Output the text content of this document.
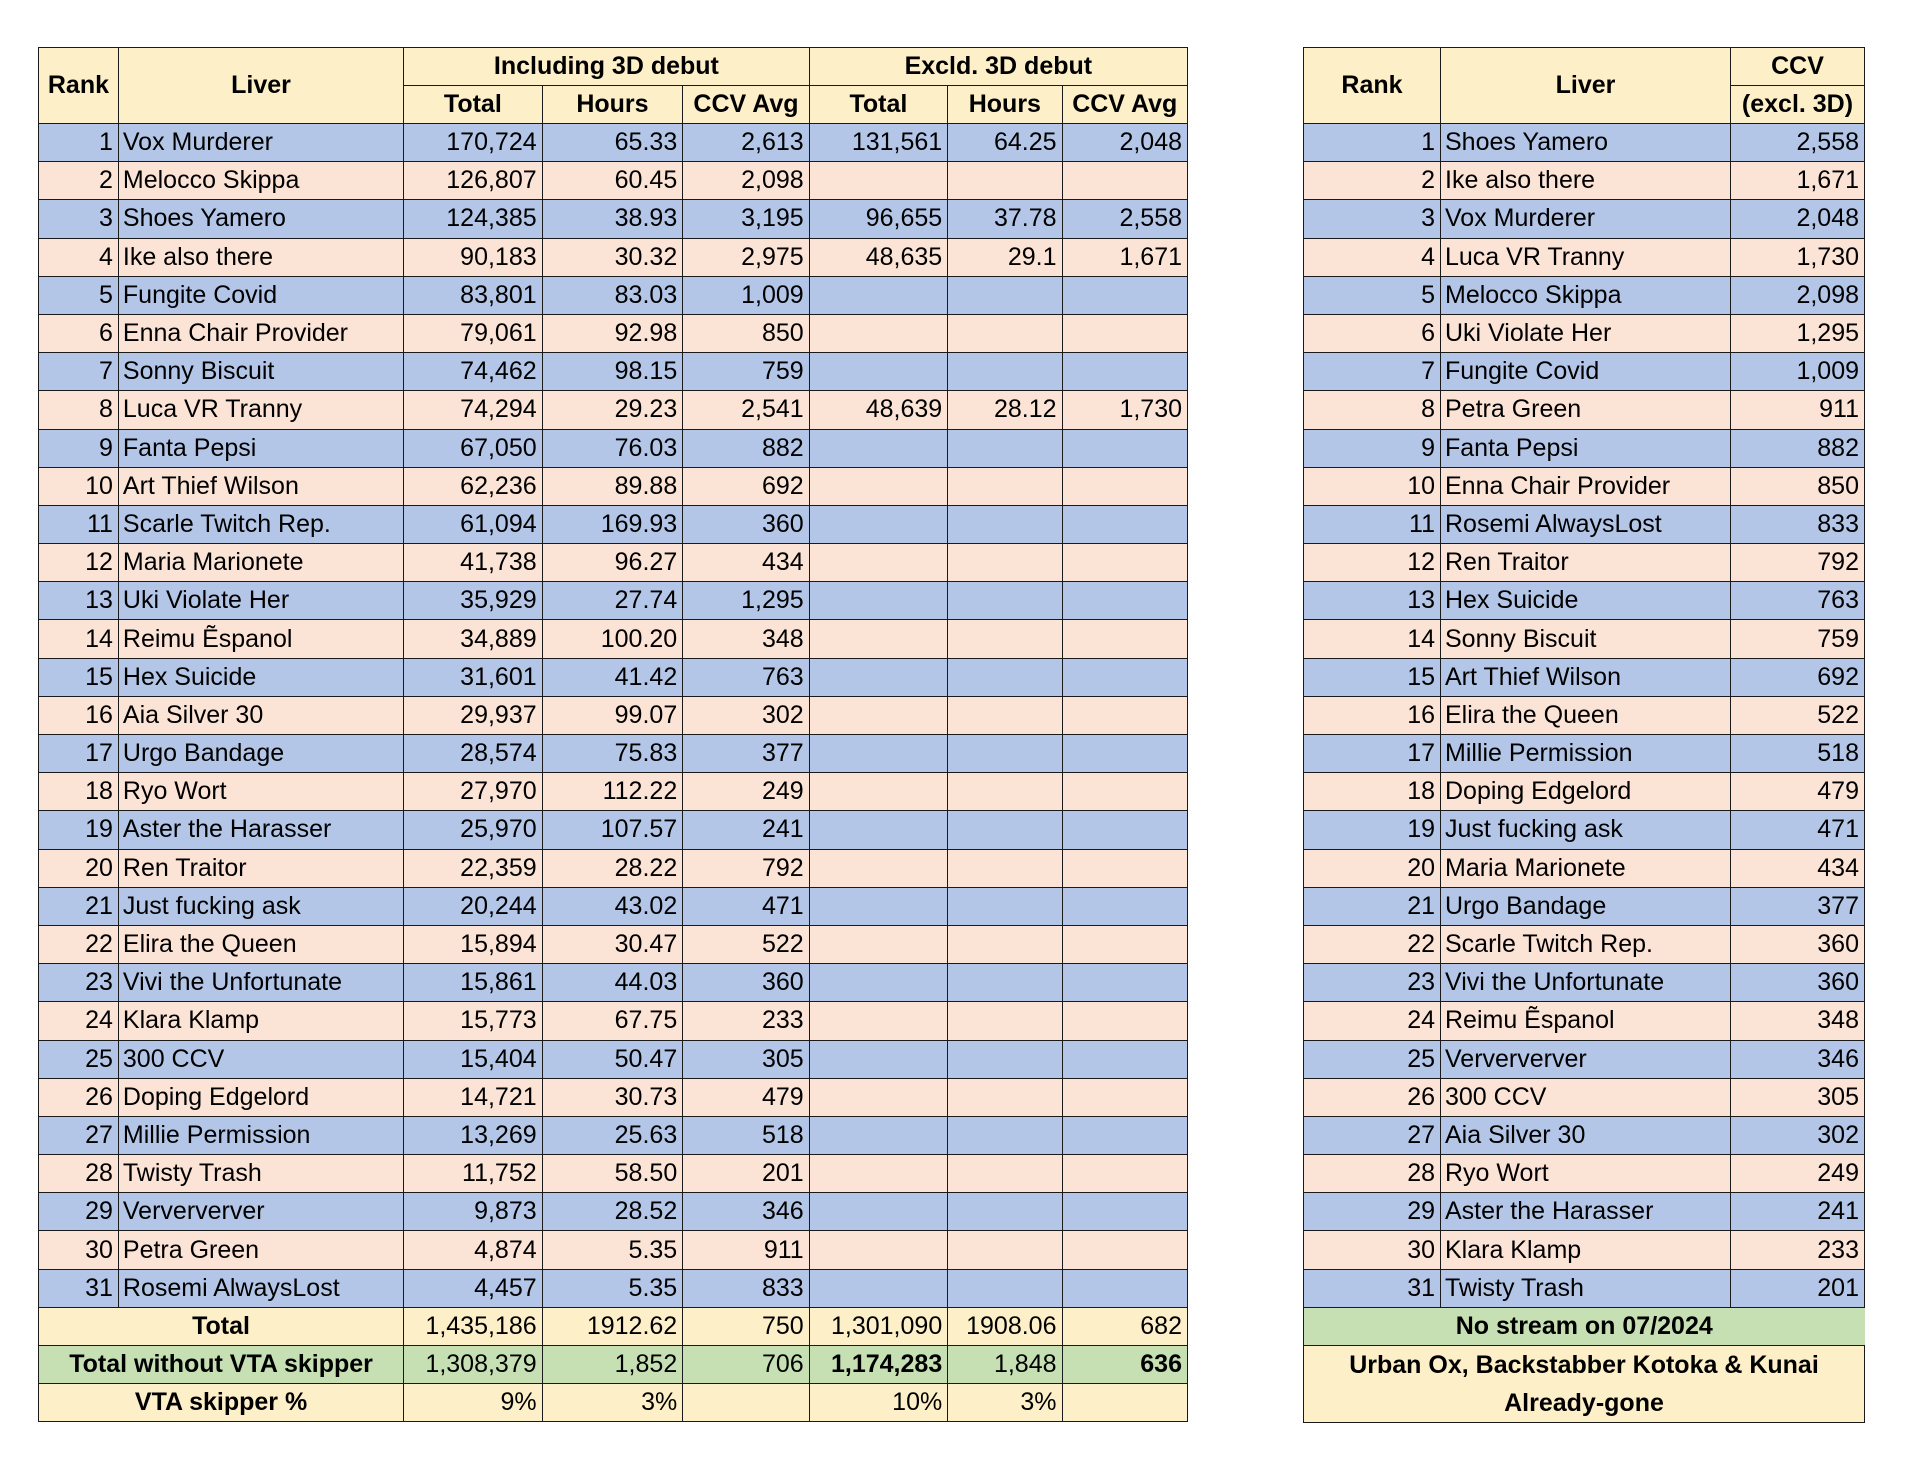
Rank	Liver	Including 3D debut			Excld. 3D debut		
		Total	Hours	CCV Avg	Total	Hours	CCV Avg
1	Vox Murderer	170,724	65.33	2,613	131,561	64.25	2,048
2	Melocco Skippa	126,807	60.45	2,098			
3	Shoes Yamero	124,385	38.93	3,195	96,655	37.78	2,558
4	Ike also there	90,183	30.32	2,975	48,635	29.1	1,671
5	Fungite Covid	83,801	83.03	1,009			
6	Enna Chair Provider	79,061	92.98	850			
7	Sonny Biscuit	74,462	98.15	759			
8	Luca VR Tranny	74,294	29.23	2,541	48,639	28.12	1,730
9	Fanta Pepsi	67,050	76.03	882			
10	Art Thief Wilson	62,236	89.88	692			
11	Scarle Twitch Rep.	61,094	169.93	360			
12	Maria Marionete	41,738	96.27	434			
13	Uki Violate Her	35,929	27.74	1,295			
14	Reimu Ẽspanol	34,889	100.20	348			
15	Hex Suicide	31,601	41.42	763			
16	Aia Silver 30	29,937	99.07	302			
17	Urgo Bandage	28,574	75.83	377			
18	Ryo Wort	27,970	112.22	249			
19	Aster the Harasser	25,970	107.57	241			
20	Ren Traitor	22,359	28.22	792			
21	Just fucking ask	20,244	43.02	471			
22	Elira the Queen	15,894	30.47	522			
23	Vivi the Unfortunate	15,861	44.03	360			
24	Klara Klamp	15,773	67.75	233			
25	300 CCV	15,404	50.47	305			
26	Doping Edgelord	14,721	30.73	479			
27	Millie Permission	13,269	25.63	518			
28	Twisty Trash	11,752	58.50	201			
29	Verververver	9,873	28.52	346			
30	Petra Green	4,874	5.35	911			
31	Rosemi AlwaysLost	4,457	5.35	833			
Total		1,435,186	1912.62	750	1,301,090	1908.06	682
Total without VTA skipper		1,308,379	1,852	706	1,174,283	1,848	636
VTA skipper %		9%	3%		10%	3%	
Rank	Liver	CCV
		(excl. 3D)
1	Shoes Yamero	2,558
2	Ike also there	1,671
3	Vox Murderer	2,048
4	Luca VR Tranny	1,730
5	Melocco Skippa	2,098
6	Uki Violate Her	1,295
7	Fungite Covid	1,009
8	Petra Green	911
9	Fanta Pepsi	882
10	Enna Chair Provider	850
11	Rosemi AlwaysLost	833
12	Ren Traitor	792
13	Hex Suicide	763
14	Sonny Biscuit	759
15	Art Thief Wilson	692
16	Elira the Queen	522
17	Millie Permission	518
18	Doping Edgelord	479
19	Just fucking ask	471
20	Maria Marionete	434
21	Urgo Bandage	377
22	Scarle Twitch Rep.	360
23	Vivi the Unfortunate	360
24	Reimu Ẽspanol	348
25	Verververver	346
26	300 CCV	305
27	Aia Silver 30	302
28	Ryo Wort	249
29	Aster the Harasser	241
30	Klara Klamp	233
31	Twisty Trash	201
No stream on 07/2024		

Urban Ox, Backstabber Kotoka & Kunai
Already-gone		
